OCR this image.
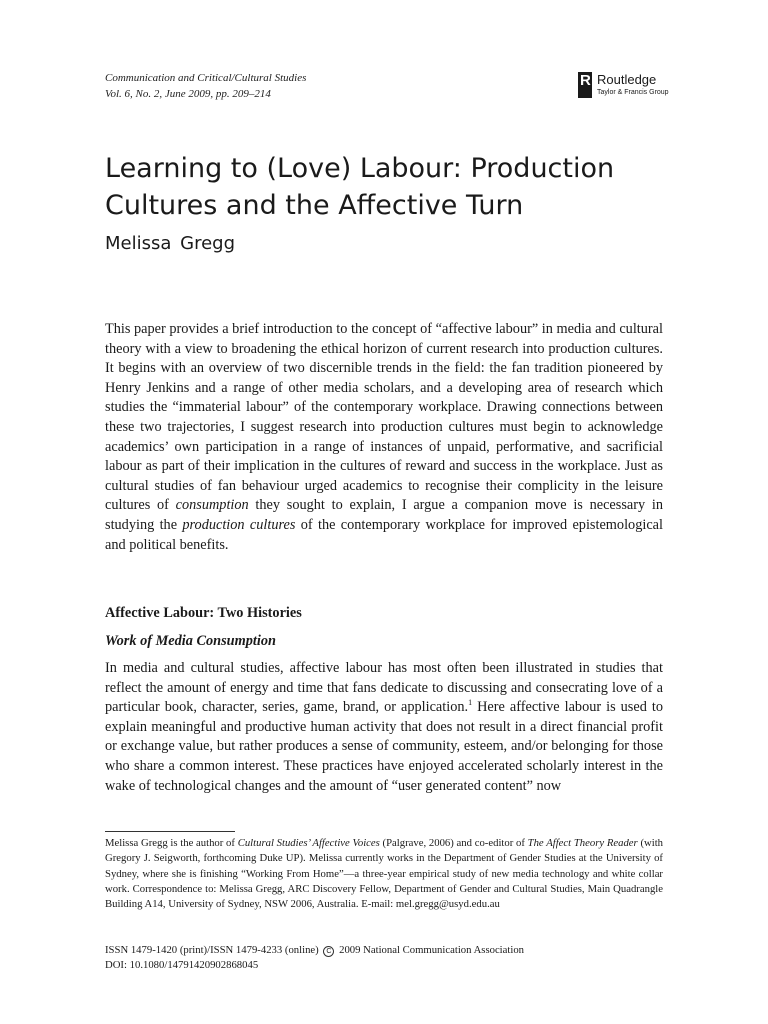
Communication and Critical/Cultural Studies
Vol. 6, No. 2, June 2009, pp. 209–214
R Routledge
Taylor & Francis Group
Learning to (Love) Labour: Production Cultures and the Affective Turn
Melissa Gregg

This paper provides a brief introduction to the concept of “affective labour” in media and cultural theory with a view to broadening the ethical horizon of current research into production cultures. It begins with an overview of two discernible trends in the field: the fan tradition pioneered by Henry Jenkins and a range of other media scholars, and a developing area of research which studies the “immaterial labour” of the contemporary workplace. Drawing connections between these two trajectories, I suggest research into production cultures must begin to acknowledge academics’ own participation in a range of instances of unpaid, performative, and sacrificial labour as part of their implication in the cultures of reward and success in the workplace. Just as cultural studies of fan behaviour urged academics to recognise their complicity in the leisure cultures of consumption they sought to explain, I argue a companion move is necessary in studying the production cultures of the contemporary workplace for improved epistemological and political benefits.

Affective Labour: Two Histories
Work of Media Consumption

In media and cultural studies, affective labour has most often been illustrated in studies that reflect the amount of energy and time that fans dedicate to discussing and consecrating love of a particular book, character, series, game, brand, or application.$^1$ Here affective labour is used to explain meaningful and productive human activity that does not result in a direct financial profit or exchange value, but rather produces a sense of community, esteem, and/or belonging for those who share a common interest. These practices have enjoyed accelerated scholarly interest in the wake of technological changes and the amount of “user generated content” now

Melissa Gregg is the author of Cultural Studies’ Affective Voices (Palgrave, 2006) and co-editor of The Affect Theory Reader (with Gregory J. Seigworth, forthcoming Duke UP). Melissa currently works in the Department of Gender Studies at the University of Sydney, where she is finishing “Working From Home”—a three-year empirical study of new media technology and white collar work. Correspondence to: Melissa Gregg, ARC Discovery Fellow, Department of Gender and Cultural Studies, Main Quadrangle Building A14, University of Sydney, NSW 2006, Australia. E-mail: mel.gregg@usyd.edu.au

ISSN 1479-1420 (print)/ISSN 1479-4233 (online) C 2009 National Communication Association
DOI: 10.1080/14791420902868045
